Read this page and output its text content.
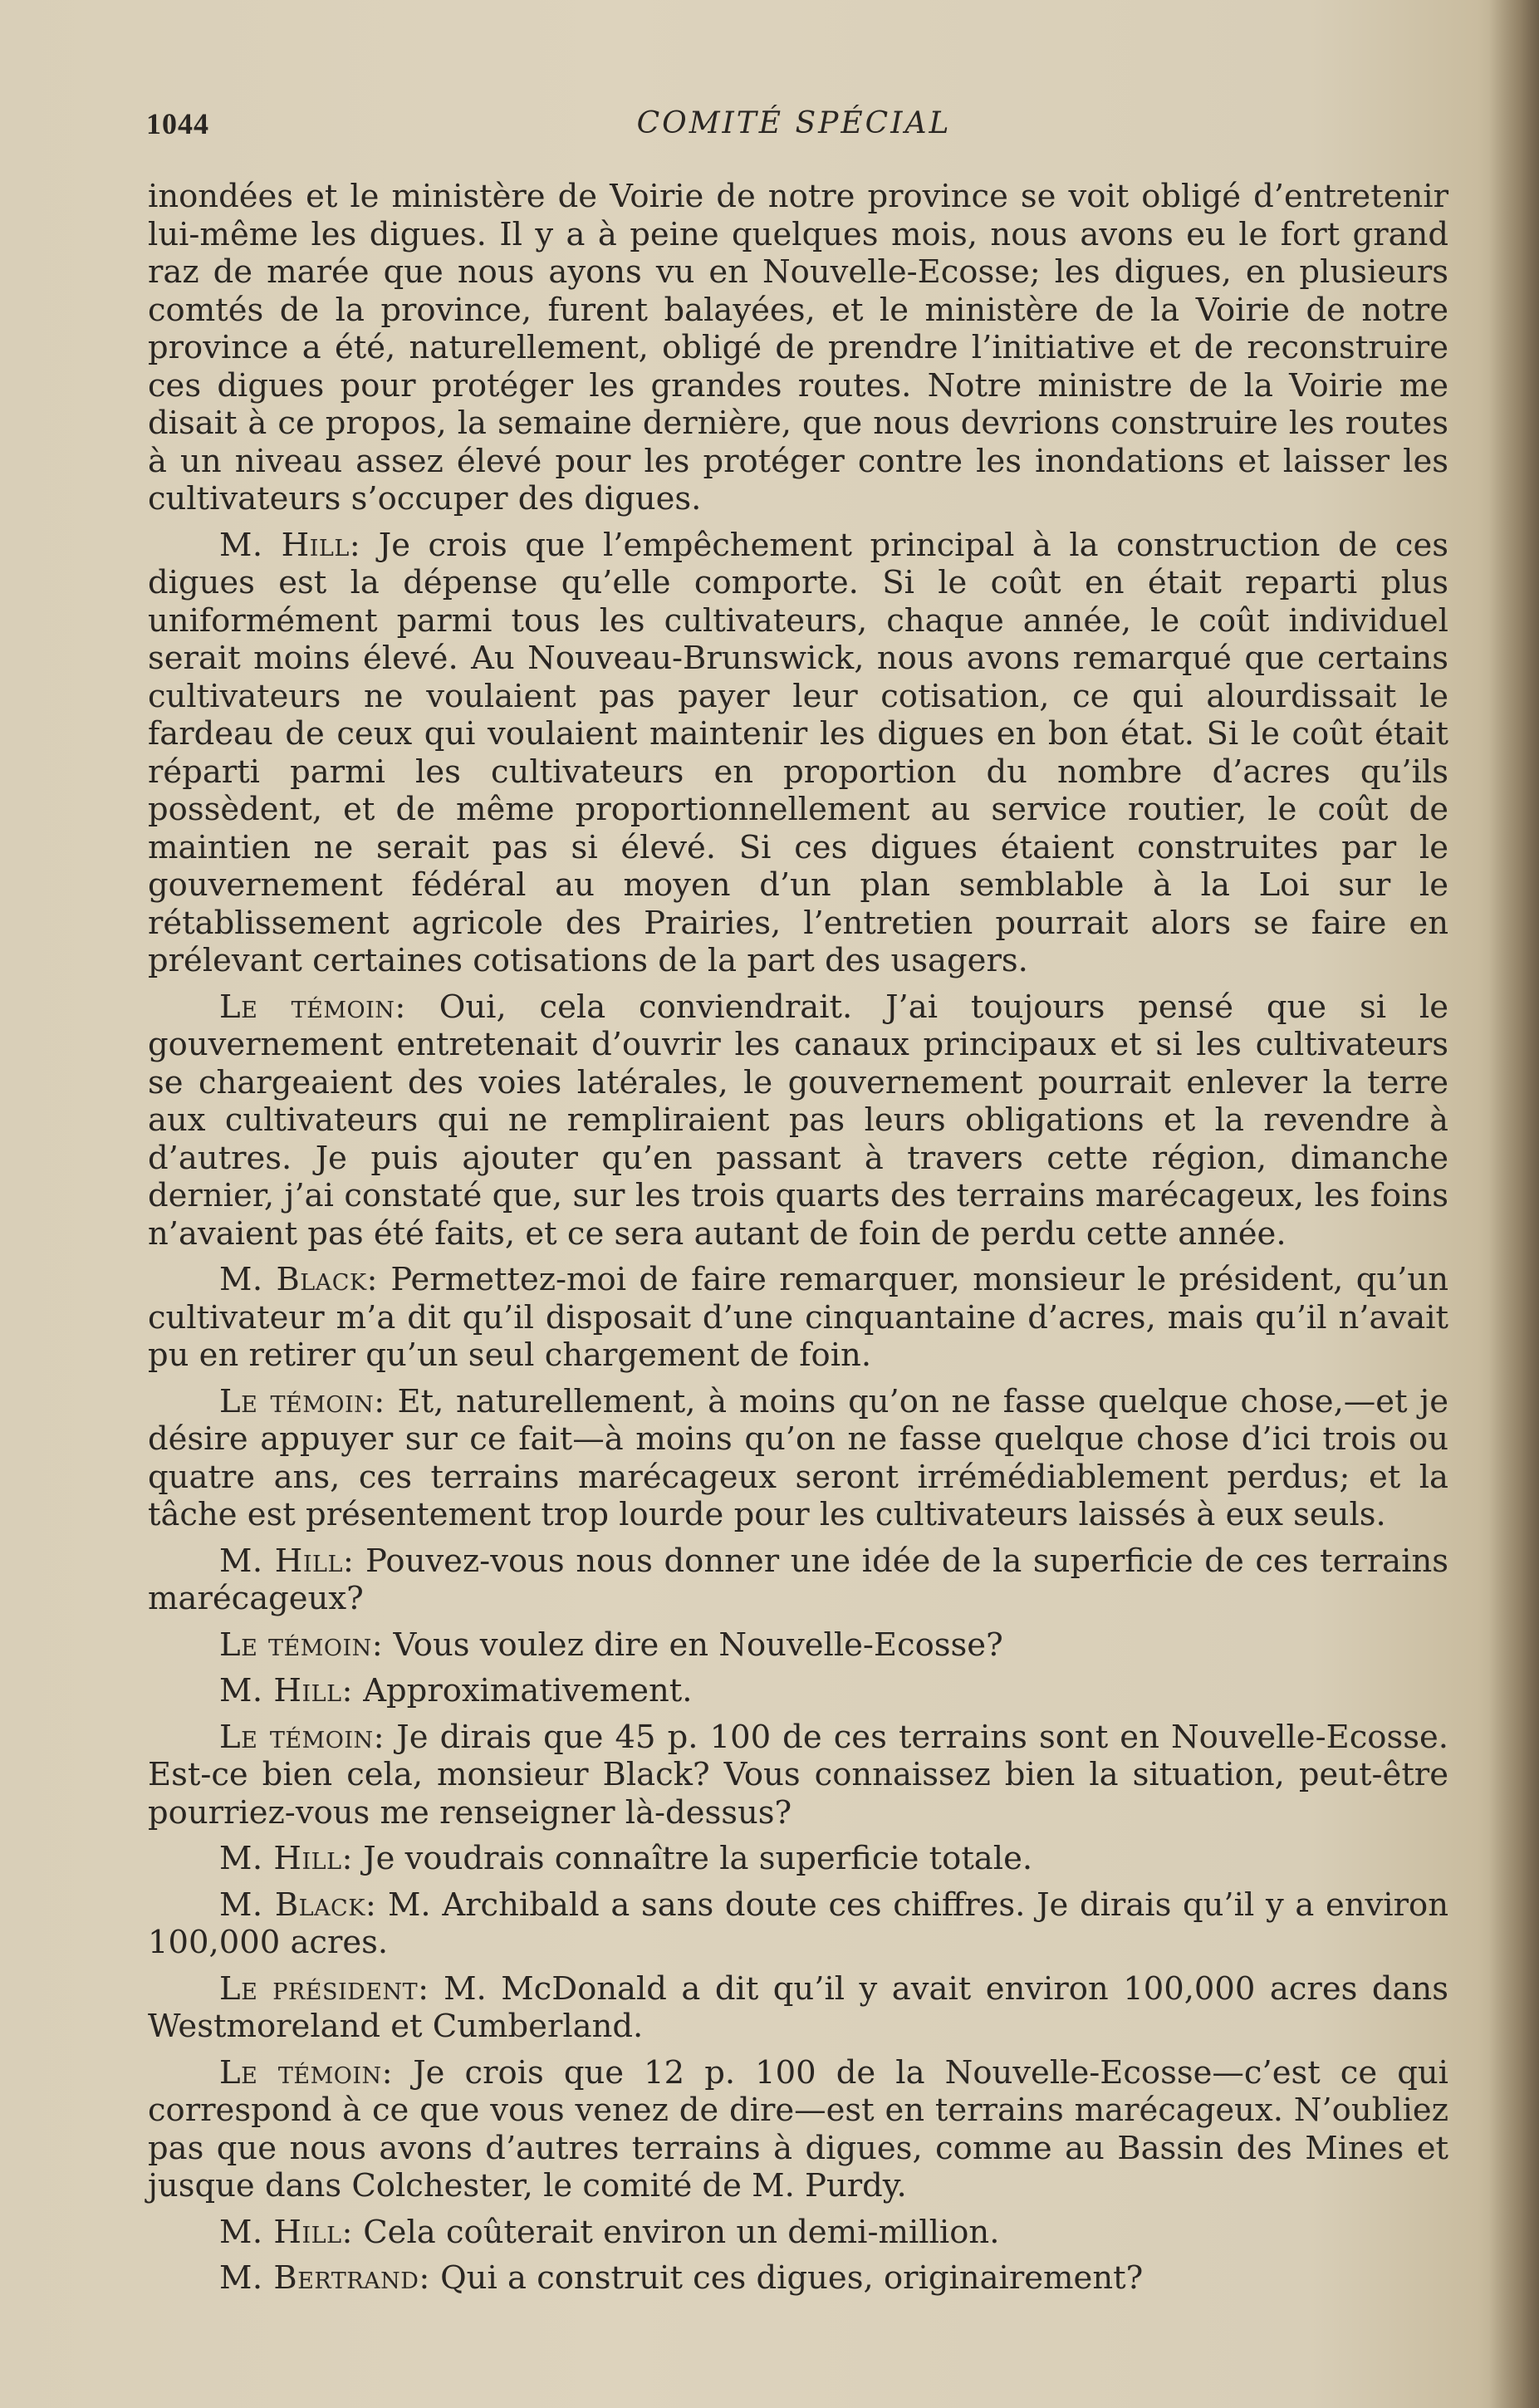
1044	COMITÉ SPÉCIAL

inondées et le ministère de Voirie de notre province se voit obligé d’entretenir lui-même les digues. Il y a à peine quelques mois, nous avons eu le fort grand raz de marée que nous ayons vu en Nouvelle-Ecosse; les digues, en plusieurs comtés de la province, furent balayées, et le ministère de la Voirie de notre province a été, naturellement, obligé de prendre l’initiative et de reconstruire ces digues pour protéger les grandes routes. Notre ministre de la Voirie me disait à ce propos, la semaine dernière, que nous devrions construire les routes à un niveau assez élevé pour les protéger contre les inondations et laisser les cultivateurs s’occuper des digues.

M. Hill: Je crois que l’empêchement principal à la construction de ces digues est la dépense qu’elle comporte. Si le coût en était reparti plus uniformément parmi tous les cultivateurs, chaque année, le coût individuel serait moins élevé. Au Nouveau-Brunswick, nous avons remarqué que certains cultivateurs ne voulaient pas payer leur cotisation, ce qui alourdissait le fardeau de ceux qui voulaient maintenir les digues en bon état. Si le coût était réparti parmi les cultivateurs en proportion du nombre d’acres qu’ils possèdent, et de même proportionnellement au service routier, le coût de maintien ne serait pas si élevé. Si ces digues étaient construites par le gouvernement fédéral au moyen d’un plan semblable à la Loi sur le rétablissement agricole des Prairies, l’entretien pourrait alors se faire en prélevant certaines cotisations de la part des usagers.

Le témoin: Oui, cela conviendrait. J’ai toujours pensé que si le gouvernement entretenait d’ouvrir les canaux principaux et si les cultivateurs se chargeaient des voies latérales, le gouvernement pourrait enlever la terre aux cultivateurs qui ne rempliraient pas leurs obligations et la revendre à d’autres. Je puis ajouter qu’en passant à travers cette région, dimanche dernier, j’ai constaté que, sur les trois quarts des terrains marécageux, les foins n’avaient pas été faits, et ce sera autant de foin de perdu cette année.

M. Black: Permettez-moi de faire remarquer, monsieur le président, qu’un cultivateur m’a dit qu’il disposait d’une cinquantaine d’acres, mais qu’il n’avait pu en retirer qu’un seul chargement de foin.

Le témoin: Et, naturellement, à moins qu’on ne fasse quelque chose,—et je désire appuyer sur ce fait—à moins qu’on ne fasse quelque chose d’ici trois ou quatre ans, ces terrains marécageux seront irrémédiablement perdus; et la tâche est présentement trop lourde pour les cultivateurs laissés à eux seuls.

M. Hill: Pouvez-vous nous donner une idée de la superficie de ces terrains marécageux?

Le témoin: Vous voulez dire en Nouvelle-Ecosse?

M. Hill: Approximativement.

Le témoin: Je dirais que 45 p. 100 de ces terrains sont en Nouvelle-Ecosse. Est-ce bien cela, monsieur Black? Vous connaissez bien la situation, peut-être pourriez-vous me renseigner là-dessus?

M. Hill: Je voudrais connaître la superficie totale.

M. Black: M. Archibald a sans doute ces chiffres. Je dirais qu’il y a environ 100,000 acres.

Le président: M. McDonald a dit qu’il y avait environ 100,000 acres dans Westmoreland et Cumberland.

Le témoin: Je crois que 12 p. 100 de la Nouvelle-Ecosse—c’est ce qui correspond à ce que vous venez de dire—est en terrains marécageux. N’oubliez pas que nous avons d’autres terrains à digues, comme au Bassin des Mines et jusque dans Colchester, le comité de M. Purdy.

M. Hill: Cela coûterait environ un demi-million.

M. Bertrand: Qui a construit ces digues, originairement?
